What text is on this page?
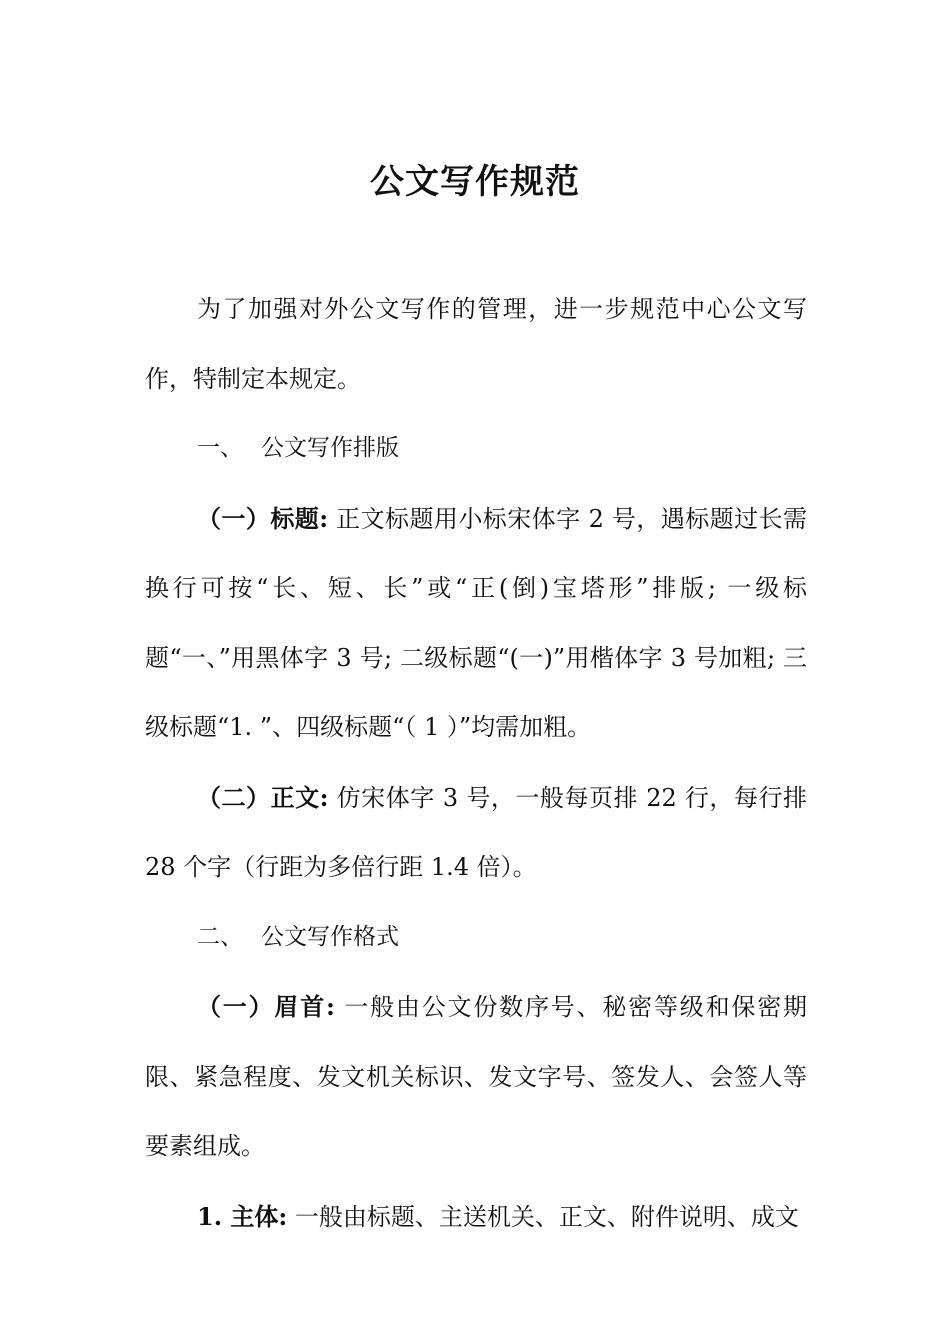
公文写作规范

为了加强对外公文写作的管理，进一步规范中心公文写作，特制定本规定。

一、 公文写作排版

（一）标题: 正文标题用小标宋体字 2 号，遇标题过长需换行可按“长、短、长”或“正(倒)宝塔形”排版; 一级标题“一、”用黑体字 3 号; 二级标题“(一)”用楷体字 3 号加粗; 三级标题“1. ”、四级标题“（ 1 ）”均需加粗。

（二）正文: 仿宋体字 3 号，一般每页排 22 行，每行排 28 个字（行距为多倍行距 1.4 倍）。

二、 公文写作格式

（一）眉首: 一般由公文份数序号、秘密等级和保密期限、紧急程度、发文机关标识、发文字号、签发人、会签人等要素组成。

1. 主体: 一般由标题、主送机关、正文、附件说明、成文
